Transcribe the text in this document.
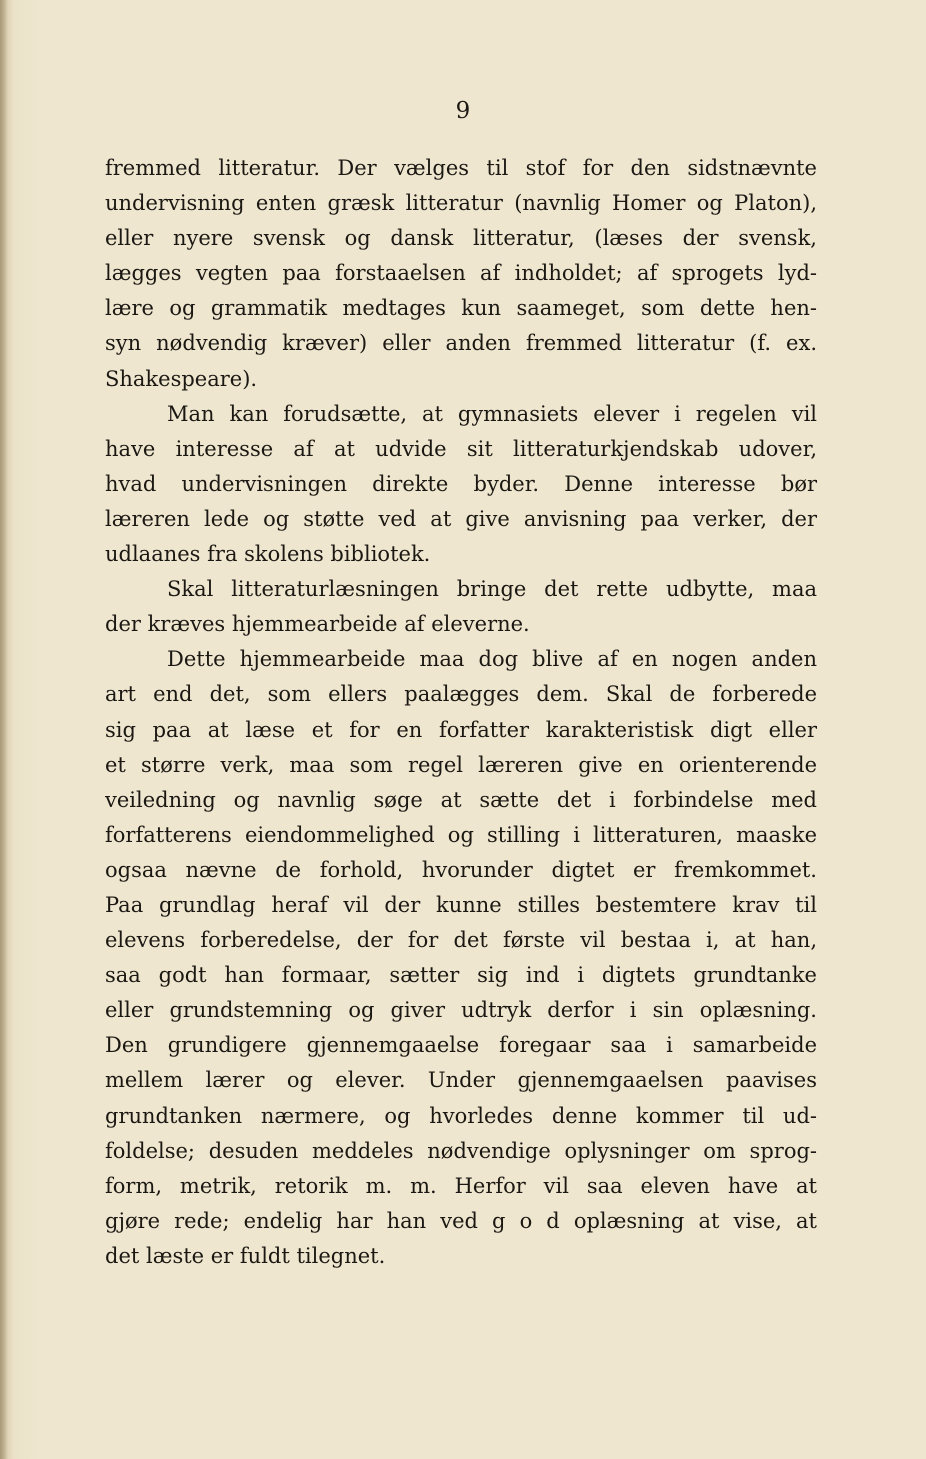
9
fremmed litteratur. Der vælges til stof for den sidstnævnte
undervisning enten græsk litteratur (navnlig Homer og Platon),
eller nyere svensk og dansk litteratur, (læses der svensk,
lægges vegten paa forstaaelsen af indholdet; af sprogets lyd-
lære og grammatik medtages kun saameget, som dette hen-
syn nødvendig kræver) eller anden fremmed litteratur (f. ex.
Shakespeare).
Man kan forudsætte, at gymnasiets elever i regelen vil
have interesse af at udvide sit litteraturkjendskab udover,
hvad undervisningen direkte byder. Denne interesse bør
læreren lede og støtte ved at give anvisning paa verker, der
udlaanes fra skolens bibliotek.
Skal litteraturlæsningen bringe det rette udbytte, maa
der kræves hjemmearbeide af eleverne.
Dette hjemmearbeide maa dog blive af en nogen anden
art end det, som ellers paalægges dem. Skal de forberede
sig paa at læse et for en forfatter karakteristisk digt eller
et større verk, maa som regel læreren give en orienterende
veiledning og navnlig søge at sætte det i forbindelse med
forfatterens eiendommelighed og stilling i litteraturen, maaske
ogsaa nævne de forhold, hvorunder digtet er fremkommet.
Paa grundlag heraf vil der kunne stilles bestemtere krav til
elevens forberedelse, der for det første vil bestaa i, at han,
saa godt han formaar, sætter sig ind i digtets grundtanke
eller grundstemning og giver udtryk derfor i sin oplæsning.
Den grundigere gjennemgaaelse foregaar saa i samarbeide
mellem lærer og elever. Under gjennemgaaelsen paavises
grundtanken nærmere, og hvorledes denne kommer til ud-
foldelse; desuden meddeles nødvendige oplysninger om sprog-
form, metrik, retorik m. m. Herfor vil saa eleven have at
gjøre rede; endelig har han ved g o d oplæsning at vise, at
det læste er fuldt tilegnet.
